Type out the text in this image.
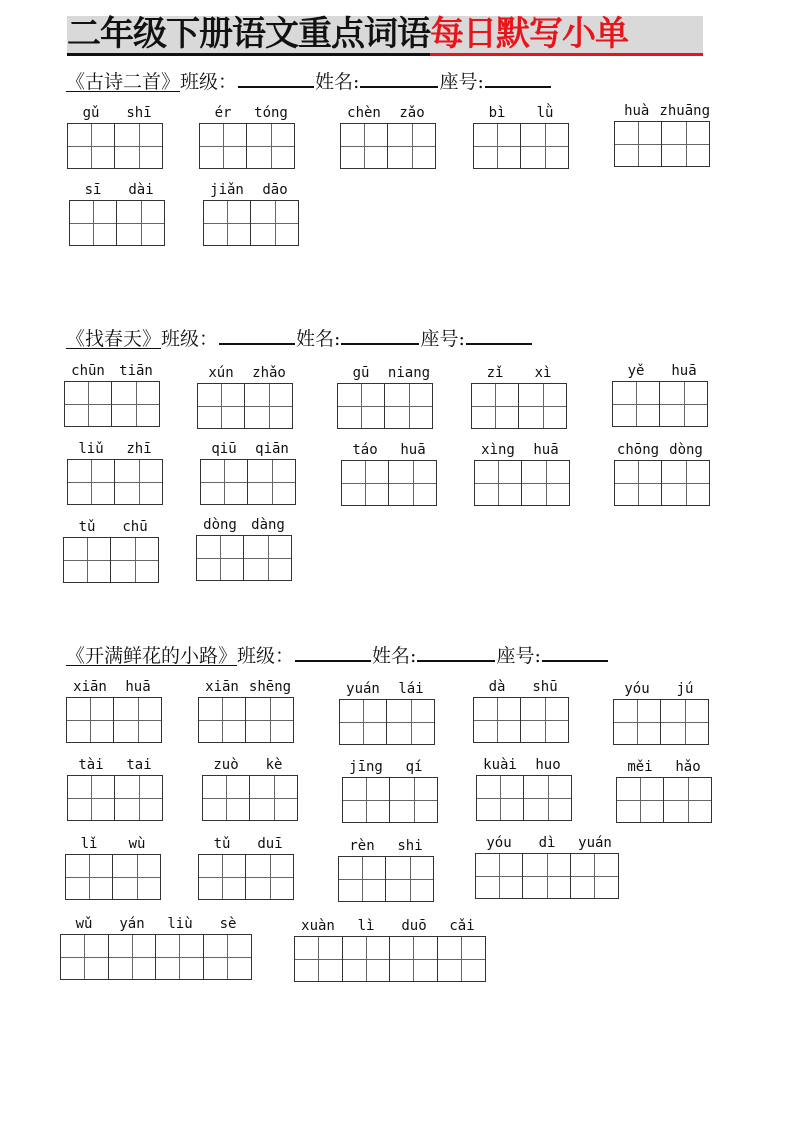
二年级下册语文重点词语 每日默写小单
《古诗二首》班级：	姓名:	座号:
《找春天》班级：	姓名:	座号:
《开满鲜花的小路》班级：	姓名:	座号:
gǔ	shī	ér	tóng	chèn	zǎo	bì	lǜ	huà zhuāng
sī	dài	jiǎn	dāo
chūn	tiān	xún	zhǎo	gū	niang	zǐ	xì	yě	huā
liǔ	zhī	qiū	qiān	táo	huā	xìng	huā	chōng dòng
tǔ	chū	dòng	dàng
xiān	huā	xiān shēng	yuán	lái	dà	shū	yóu	jú
tài	tai	zuò	kè	jīng	qí	kuài	huo	měi	hǎo
lǐ	wù	tǔ	duī	rèn	shi	yóu	dì	yuán
wǔ	yán	liù	sè	xuàn	lì	duō	cǎi
